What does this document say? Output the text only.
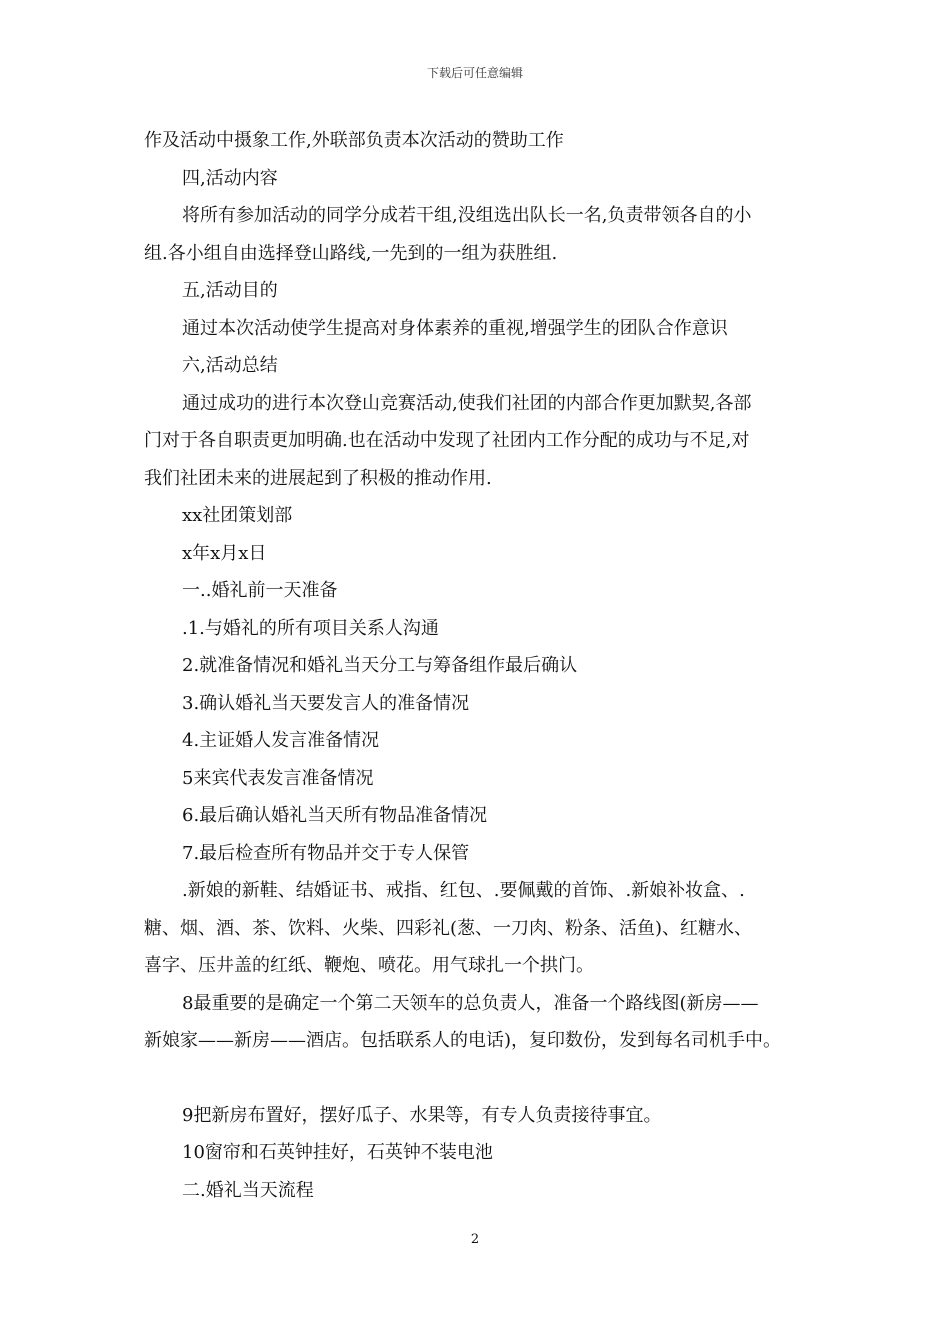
下载后可任意编辑

作及活动中摄象工作,外联部负责本次活动的赞助工作

四,活动内容

将所有参加活动的同学分成若干组,没组选出队长一名,负责带领各自的小

组.各小组自由选择登山路线,一先到的一组为获胜组.

五,活动目的

通过本次活动使学生提高对身体素养的重视,增强学生的团队合作意识

六,活动总结

通过成功的进行本次登山竞赛活动,使我们社团的内部合作更加默契,各部

门对于各自职责更加明确.也在活动中发现了社团内工作分配的成功与不足,对

我们社团未来的进展起到了积极的推动作用.

xx社团策划部

x年x月x日

一..婚礼前一天准备

.1.与婚礼的所有项目关系人沟通

2.就准备情况和婚礼当天分工与筹备组作最后确认

3.确认婚礼当天要发言人的准备情况

4.主证婚人发言准备情况

5来宾代表发言准备情况

6.最后确认婚礼当天所有物品准备情况

7.最后检查所有物品并交于专人保管

.新娘的新鞋、结婚证书、戒指、红包、.要佩戴的首饰、.新娘补妆盒、.

糖、烟、酒、茶、饮料、火柴、四彩礼(葱、一刀肉、粉条、活鱼)、红糖水、

喜字、压井盖的红纸、鞭炮、喷花。用气球扎一个拱门。

8最重要的是确定一个第二天领车的总负责人，准备一个路线图(新房——

新娘家——新房——酒店。包括联系人的电话)，复印数份，发到每名司机手中。

9把新房布置好，摆好瓜子、水果等，有专人负责接待事宜。

10窗帘和石英钟挂好，石英钟不装电池

二.婚礼当天流程

2
